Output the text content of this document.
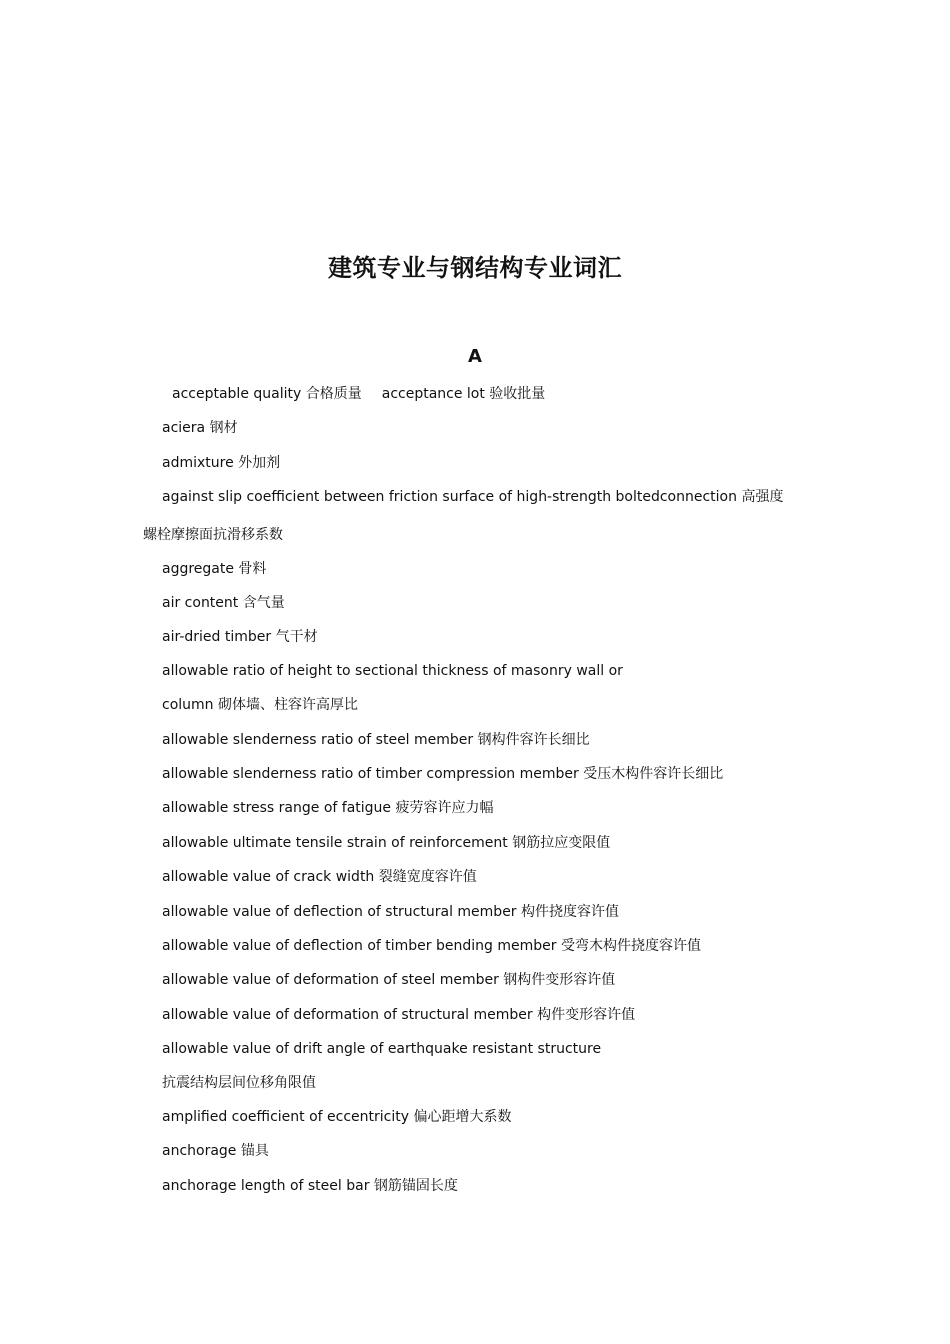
建筑专业与钢结构专业词汇
A
acceptable quality 合格质量 acceptance lot 验收批量
aciera 钢材
admixture 外加剂
against slip coefficient between friction surface of high-strength boltedconnection 高强度
螺栓摩擦面抗滑移系数
aggregate 骨料
air content 含气量
air-dried timber 气干材
allowable ratio of height to sectional thickness of masonry wall or
column 砌体墙、柱容许高厚比
allowable slenderness ratio of steel member 钢构件容许长细比
allowable slenderness ratio of timber compression member 受压木构件容许长细比
allowable stress range of fatigue 疲劳容许应力幅
allowable ultimate tensile strain of reinforcement 钢筋拉应变限值
allowable value of crack width 裂缝宽度容许值
allowable value of deflection of structural member 构件挠度容许值
allowable value of deflection of timber bending member 受弯木构件挠度容许值
allowable value of deformation of steel member 钢构件变形容许值
allowable value of deformation of structural member 构件变形容许值
allowable value of drift angle of earthquake resistant structure
抗震结构层间位移角限值
amplified coefficient of eccentricity 偏心距增大系数
anchorage 锚具
anchorage length of steel bar 钢筋锚固长度
